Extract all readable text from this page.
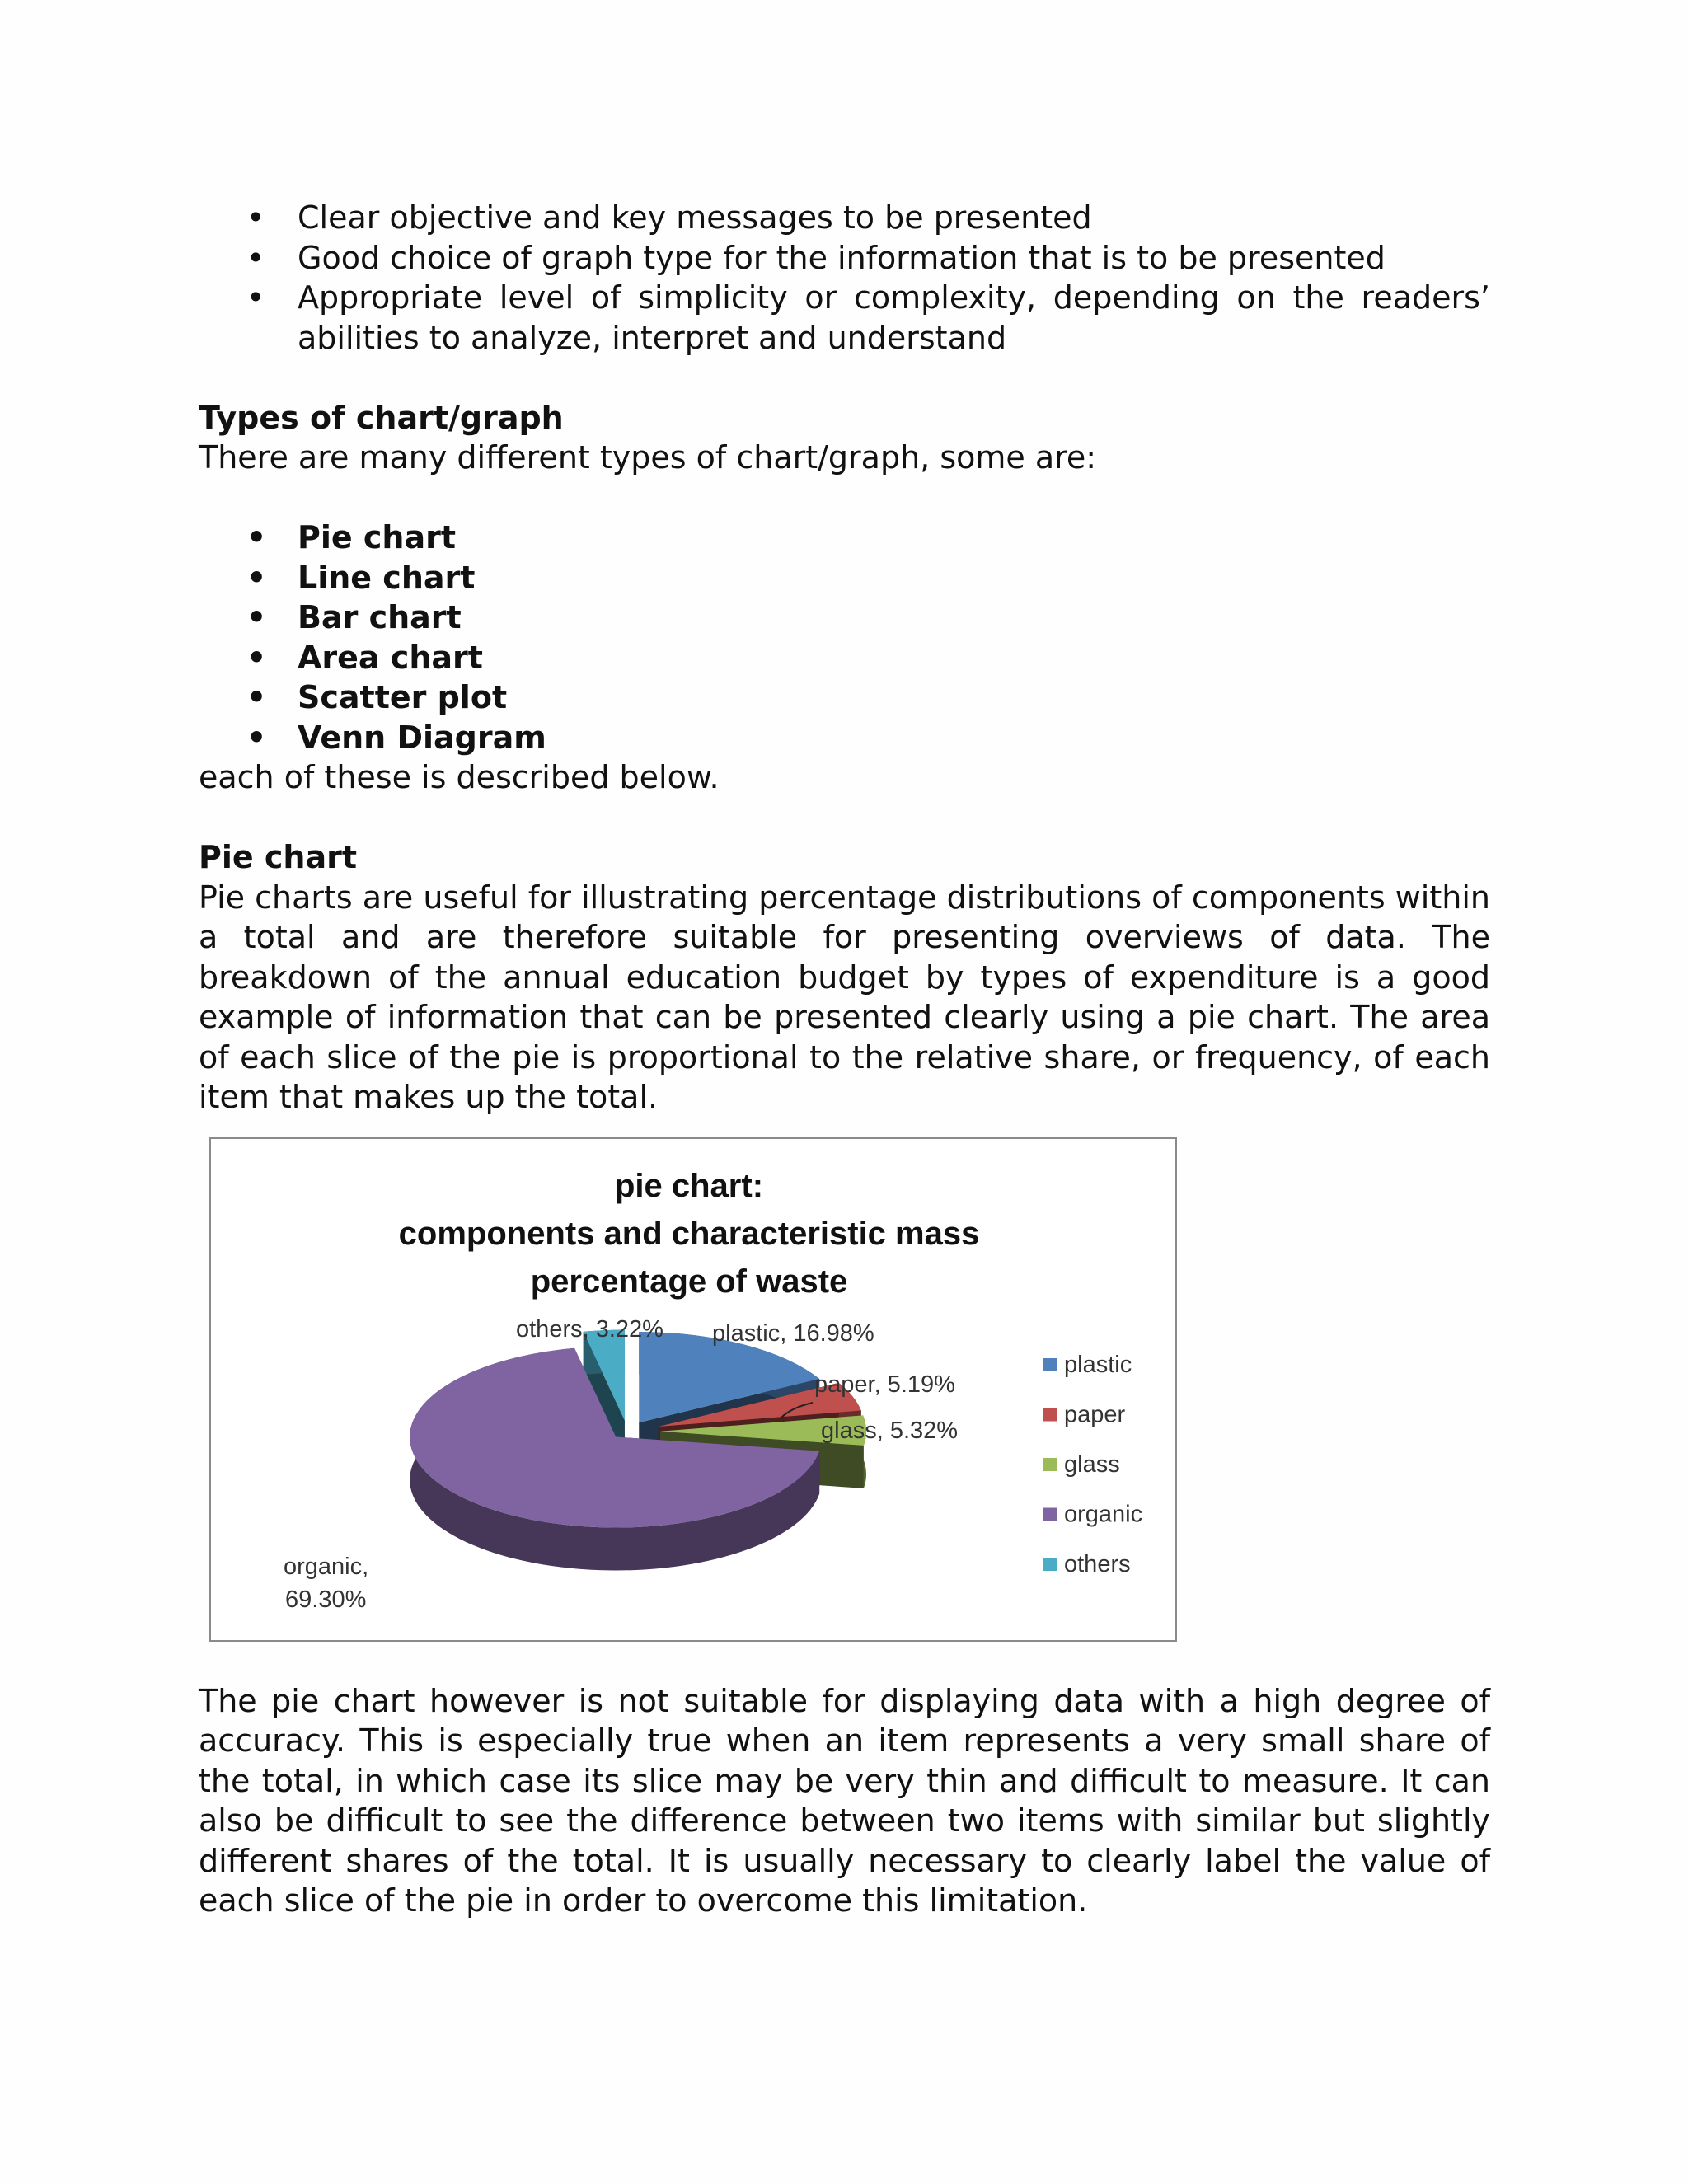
• Clear objective and key messages to be presented
• Good choice of graph type for the information that is to be presented
• Appropriate level of simplicity or complexity, depending on the readers’ abilities to analyze, interpret and understand
Types of chart/graph
There are many different types of chart/graph, some are:
• Pie chart
• Line chart
• Bar chart
• Area chart
• Scatter plot
• Venn Diagram
each of these is described below.
Pie chart
Pie charts are useful for illustrating percentage distributions of components within a total and are therefore suitable for presenting overviews of data. The breakdown of the annual education budget by types of expenditure is a good example of information that can be presented clearly using a pie chart. The area of each slice of the pie is proportional to the relative share, or frequency, of each item that makes up the total.
pie chart:
components and characteristic mass
percentage of waste
plastic, 16.98%
paper, 5.19%
glass, 5.32%
organic, 69.30%
others, 3.22%
plastic
paper
glass
organic
others
The pie chart however is not suitable for displaying data with a high degree of accuracy. This is especially true when an item represents a very small share of the total, in which case its slice may be very thin and difficult to measure. It can also be difficult to see the difference between two items with similar but slightly different shares of the total. It is usually necessary to clearly label the value of each slice of the pie in order to overcome this limitation.
